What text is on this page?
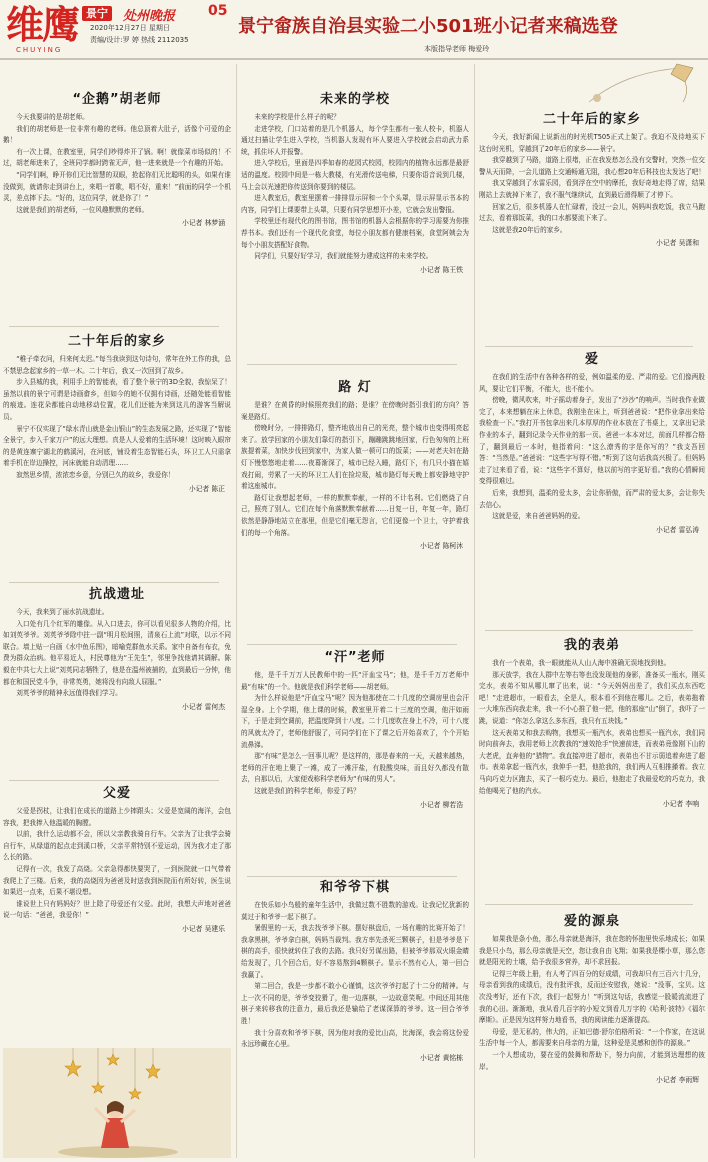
维鹰
CHUYING
景宁	处州晚报 05
2020年12月27日 星期日
责编/设计:罗 婷 热线 2112035
景宁畲族自治县实验二小501班小记者来稿选登
本版指导老师 梅爱玲
“企鹅”胡老师

今天我要讲的是胡老师。

我们的胡老师是一位非常有趣的老师。他总顶着大肚子，活像个可爱的企鹅！

有一次上课，在教室里，同学们吵得炸开了锅。啊！就像菜市场似的！不过，胡老师进来了，全班同学都时跨雀无声，他一进来就是一个有趣的开始。

“同学们啊，睁开你们无比智慧的双眼，抢起你们无比聪明的头，如果有谁没做到，就请你走到讲台上，来唱一首歌，唱不好，重来！”前面的同学一个机灵，差点摔下去。“好的，这位同学，就是你了！”

这就是我们的胡老师，一位风趣默默的老师。

小记者 林梦涵
二十年后的家乡

“稚子牵衣问，归来何太迟。”每当我读到这句诗句，常年在外工作的我，总不禁思念起家乡的一草一木。二十年后，我又一次回到了故乡。

步入县城的我，利用手上的智能表，看了整个景宁的3D全貌，我惊呆了！虽然以前的景宁可谓是诗画畲乡，但如今的她不仅拥有诗画，还随处能看智能的痕迹。连花朵都能自动地移动位置，花儿们还能为来到这儿的游客当解说员。

景宁不仅实现了“绿水青山就是金山银山”的生态发展之路，还实现了“智能全景宁，步入千家万户”的远大理想。真是人人爱着的生活环境！这时映入眼帘的是黄连寨宁湖北的鹤溪河，在河底，铺设着生态智能石头，环卫工人只需拿着手机在岸边操控，河床就能自动清理……

寂然思乡情，浓浓恋乡意，分别已久的故乡，我爱你！

小记者 陈正
抗战遗址

今天，我来到了丽水抗战遗址。

入口处有几个红军的雕像。从入口进去，你可以看见很多人物的介绍，比如刘英爷爷。刘英爷爷除中拄一副“明月松间照，清泉石上流”对联，以示不同联合。墙上贴一自画《水中鱼乐图》，暗喻党群鱼水关系。家中自备有布衣，免费为群众治病。他平易近人，村民尊他为“王先生”，邻里争找他请其调解。陈毅在中共七大上说“刘英同志牺牲了，他是在温州被捕的，直到最后一分钟，他都在和国民党斗争，非常英勇，她将没有向敌人屈服。”

刘英爷爷的精神永远值得我们学习。

小记者 雷何杰
父爱

父爱是拐杖，让我们在成长的道路上少摔跟头；父爱是宽阔的海洋，会包容我，把我捧入他温暖的胸膛。

以前，我什么运动都不会，所以父亲教我骑自行车。父亲为了让我学会骑自行车，从绿道的起点走到溪口桥，父亲平常特别不爱运动，因为我才走了那么长的路。

记得有一次，我发了高烧。父亲急得都快要哭了，一到医院就一口气带着我爬上了三楼。后来，我的高烧因为爸爸及时送我到医院而有所好转，医生说如果迟一点来，后果不堪设想。

谁说世上只有妈妈好？世上除了母爱还有父爱。此时，我想大声地对爸爸说一句话：“爸爸，我爱你！”

小记者 吴建乐
未来的学校

未来的学校是什么样子的呢？

走进学校，门口站着的是几个机器人，每个学生都有一张人校卡，机器人通过扫描让学生进入学校，当机器人发现有坏人要进入学校就会启动武力系统，抓住坏人并报警。

进入学校后，里面是四季如春的花园式校园，校园内的植物永远都是最舒适的温度。校园中间是一栋大教楼，有光滑传送电梯，只要你语音说到几楼，马上会以光速把你传送到你要到的楼层。

进入教室后，教室里摆着一排排显示屏和一个个头罩，显示屏显示书本的内容，同学们上课要带上头罩，只要有同学思想开小差，它就会发出警报。

学校里还有现代化的图书馆，图书馆的机器人会根据你的学习需要为你推荐书本。我们还有一个现代化食堂，每位小朋友都有健康档案，食堂阿姨会为每个小朋友搭配好食物。

同学们，只要好好学习，我们就能努力建成这样的未来学校。

小记者 陈王铁
路 灯

是谁？在黄昏的时候照亮我们的路；是谁？在傍晚时指引我们的方向？答案是路灯。

傍晚时分，一排排路灯，整齐地放出自己的光亮，整个城市也变得明亮起来了。放学回家的小朋友们靠灯的指引下，蹦蹦跳跳地回家，行色匆匆的上班族提着菜，加快步伐回到家中，为家人做一顿可口的饭菜；——对老夫妇在路灯下慢悠悠地走着……夜幕渐深了，城市已经入睡，路灯下，有几只小猫在嬉戏打闹，劳累了一天的环卫工人们在捡垃圾，城市路灯每天晚上都安静地守护着这座城市。

路灯让我想起老师，一样的默默奉献，一样的不计名利。它们燃烧了自己，照亮了别人。它们在每个角落默默奉献着……日复一日，年复一年，路灯依然是静静地站立在那里，但是它们毫无怨言，它们更像一个卫士，守护着我们的每一个角落。

小记者 陈柯沐
“汗”老师

他，是千千万万人民教师中的一匹“汗血宝马”；他，是千千万万老师中最“有味”的一个。他就是我们科学老师——胡老师。

为什么样说他是“汗血宝马”呢？因为他那使在二十几度的空调房里也会汗湿全身。上个学期，他上课的时候，教室里开着二十三度的空调，他汗如雨下，于是走到空调前，把温度降到十八度。二十几度吹在身上不冷，可十八度的风就太冷了，老师他舒服了，可同学们在下了课之后开始喜欢了，个个开始流鼻涕。

那“有味”是怎么一回事儿呢？是这样的，那是春来的一天，天越来越热，老师的汗在地上聚了一滩，成了一滩汗盐，有股酸臭味，而且好久都没有散去，自那以后，大家便戏称科学老师为“有味的男人”。

这就是我们的科学老师，你爱了吗？

小记者 柳若浩
和爷爷下棋

在快乐如小鸟般的童年生活中，我做过数不胜数的游戏。让我记忆犹新的莫过于和爷爷一起下棋了。

暑假里的一天，我去找爷爷下棋。摆好棋盘后，一场有趣的比赛开始了！我拿黑棋，爷爷拿白棋，妈妈当裁判。我方率先杀死三颗棋子，但是爷爷是下棋的高手，很快就转住了我的去路。我只好另谋出路，但被爷爷那双火眼金睛给发现了，几个回合后，好不容易熬到4颗棋子。显示不然有心人，第一回合我赢了。

第二回合，我是一步都不敢小心谨慎，这次爷爷打起了十二分的精神。与上一次不同的是，爷爷变狡猾了，他一边落棋，一边故意笑呢。中间还用其他棋子来转移我的注意力，最后我还是输给了老谋深算的爷爷。这一回合爷爷胜！

我十分喜欢和爷爷下棋，因为他对我的爱比山高，比海深，我会将这份爱永远珍藏在心里。

小记者 黄铭栋
二十年后的家乡

今天，我好新闻上说新出的时光机T505正式上架了。我迫不及待地买下这台时光机，穿越到了20年后的家乡——景宁。

我穿越到了马路，道路上很堵，正在我发愁怎么没有交警时，突然一位交警从天而降，一会儿道路上交通畅通无阻，我心想20年后科技也太发达了吧！

我又穿越到了水雷乐园，看到浮在空中的摩托，我好奇地走得了席，结果刚站上去就掉下来了，我不服气继续试，直到最后滑得顺了才停下。

回家之后，很多机器人在忙碌着，没过一会儿，妈妈叫我吃饭，我立马跑过去，看着那饭菜，我的口水都要流下来了。

这就是我20年后的家乡。

小记者 吴潇和
爱

在我们的生活中有各种各样的爱，例如温柔的爱、严肃的爱。它们像两股风，要让它们平衡，不能大，也不能小。

傍晚，微风吹来，叶子摇动着身子，发出了“沙沙”的响声。当时我作业做完了，本来想躺在床上休息，我刚坐在床上，听到爸爸说：“把作业拿出来给我检查一下。”我打开书包拿出来几本厚厚的作业本放在了书桌上，又拿出记录作业的本子，翻到记录今天作业的那一页。爸爸一本本对过，前面几样都合格了，翻到最后一本时，他指着问：“这么潦秀的字是你写的？”我支吾回答：“当然是。”爸爸说：“这些字写得不错。”听到了这句话我高兴极了。但妈妈走了过来看了看，说：“这些字不算好，他以前写的字更好看。”我的心情瞬间变得很难过。

后来，我想到，温柔的爱太多，会让你骄傲，而严肃的爱太多，会让你失去信心。

这就是爱，来自爸爸妈妈的爱。

小记者 雷弘涛
我的表弟

我有一个表弟，我一眼就能从人山人海中准确无误地找到他。

那天放学，我在人群中左等右等也没发现他的身影，准备买一瓶水，刚买完水，表弟不知从哪儿窜了出来，说：“今天妈妈出差了，我们买点东西吃吧！”走进超市，一眼看去，全是人，根本看不到他在哪儿。之后，表弟拖着一大堆东西向我走来，我一不小心推了他一把，他的那座“山”倒了，我吓了一跳，说道：“你怎么拿这么多东西，我只有五块钱。”

这天表弟又和我去购物，我想买一瓶汽水，表弟也想买一瓶汽水，我们同时向前奔去，我用老师上次教我的“速效抢手”快速前进，而表弟竟像刚下山的大老虎，直奔他的“猎物”。我直接冲进了超市，表弟也不甘示弱追着奔进了超市。表弟拿起一瓶汽水，我伸手一把，他抢我的，我们两人互相推搡着。我立马向巧克力区跑去，买了一根巧克力。最后，他抱走了我最爱吃的巧克力，我给他喝光了他的汽水。

小记者 李响
爱的源泉

如果我是条小鱼，那么母亲就是海洋，我在您的怀抱里快乐地成长；如果我是只小鸟，那么母亲就是天空，您让我自由飞翔；如果我是棵小草，那么您就是阳光的土壤，给予我很多营养，却不求回报。

记得三年级上册，有人考了四百分的好成绩，可我却只有三百六十几分，母亲看到我的成绩后，没有批评我，反而还安慰我，她说：“没事，宝贝。这次没考好，还有下次，我们一起努力！”听到这句话，我感觉一股暖流流进了我的心田。渐渐地，我从看几百字的小短文到看几万字的《哈利·波特》《福尔摩斯》。正是因为这样努力地看书，我的阅读能力逐渐提高。

母爱，是无私的，伟大的，正如巴德·舒尔伯格所说：“一个作家，在这说生活中每一个人，都需要来自母亲的力量，这种爱是灵感和创作的源泉。”

一个人想成功，要在爱的鼓舞和帮助下，努力向前，才能到达理想的彼岸。

小记者 李雨辉
